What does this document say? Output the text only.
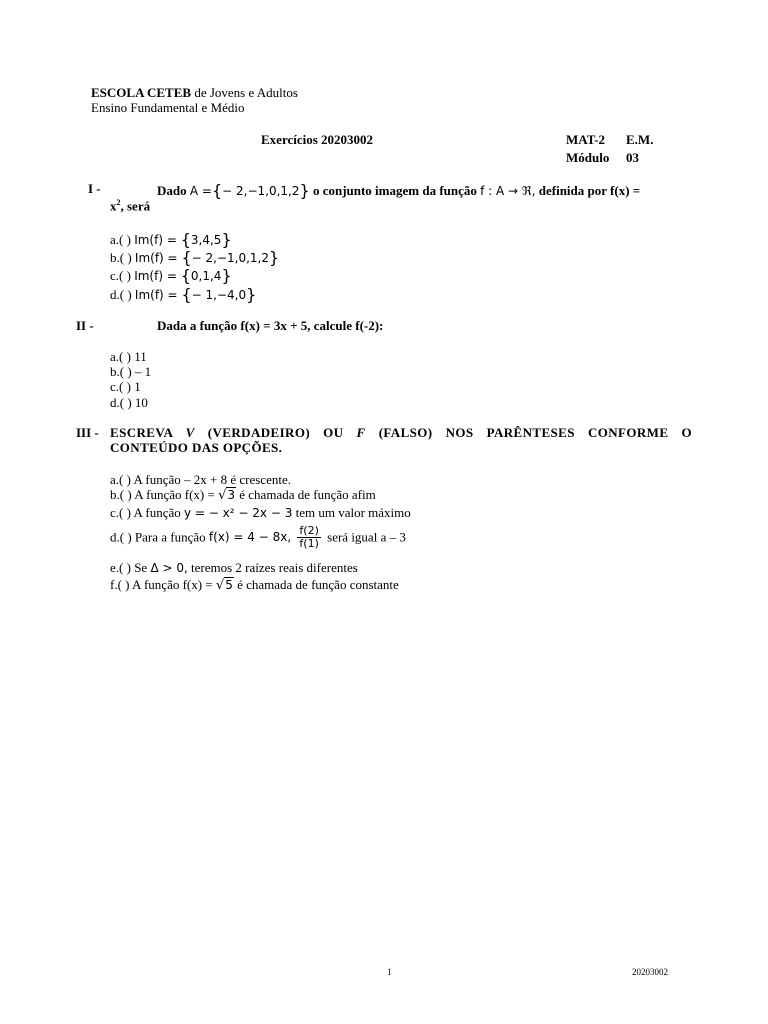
ESCOLA CETEB de Jovens e Adultos
Ensino Fundamental e Médio
Exercícios 20203002	MAT-2 E.M.
Módulo 03
I -	Dado A ={− 2,−1,0,1,2} o conjunto imagem da função f : A → ℜ, definida por f(x) =
$x^2$, será
a.( ) Im(f) = {3,4,5}
b.( ) Im(f) = {− 2,−1,0,1,2}
c.( ) Im(f) = {0,1,4}
d.( ) Im(f) = {− 1,−4,0}
II -	Dada a função f(x) = 3x + 5, calcule f(-2):
a.( ) 11
b.( ) – 1
c.( ) 1
d.( ) 10
III - ESCREVA V (VERDADEIRO) OU F (FALSO) NOS PARÊNTESES CONFORME O
CONTEÚDO DAS OPÇÕES.
a.( ) A função – 2x + 8 é crescente.
b.( ) A função f(x) = √3 é chamada de função afim
c.( ) A função y = − x² − 2x − 3 tem um valor máximo
d.( ) Para a função f(x) = 4 − 8x, $\frac{f(2)}{f(1)}$ será igual a – 3
e.( ) Se Δ > 0, teremos 2 raízes reais diferentes
f.( ) A função f(x) = √5 é chamada de função constante
1	20203002
